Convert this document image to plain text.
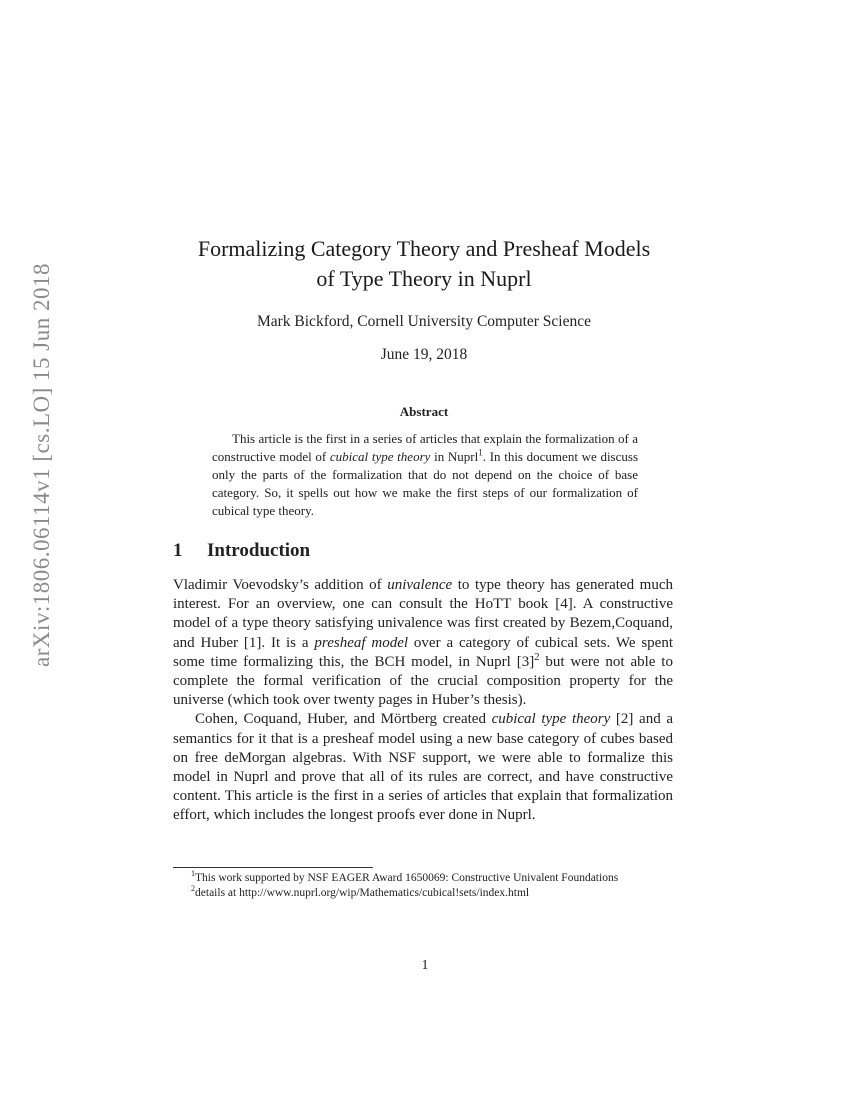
arXiv:1806.06114v1 [cs.LO] 15 Jun 2018
Formalizing Category Theory and Presheaf Models
of Type Theory in Nuprl
Mark Bickford, Cornell University Computer Science
June 19, 2018
Abstract
This article is the first in a series of articles that explain the formalization of a constructive model of cubical type theory in Nuprl$^1$. In this document we discuss only the parts of the formalization that do not depend on the choice of base category. So, it spells out how we make the first steps of our formalization of cubical type theory.
1 Introduction

Vladimir Voevodsky’s addition of univalence to type theory has generated much interest. For an overview, one can consult the HoTT book [4]. A constructive model of a type theory satisfying univalence was first created by Bezem,Coquand, and Huber [1]. It is a presheaf model over a category of cubical sets. We spent some time formalizing this, the BCH model, in Nuprl $[3]^2$ but were not able to complete the formal verification of the crucial composition property for the universe (which took over twenty pages in Huber’s thesis).

Cohen, Coquand, Huber, and Mörtberg created cubical type theory [2] and a semantics for it that is a presheaf model using a new base category of cubes based on free deMorgan algebras. With NSF support, we were able to formalize this model in Nuprl and prove that all of its rules are correct, and have constructive content. This article is the first in a series of articles that explain that formalization effort, which includes the longest proofs ever done in Nuprl.

$^1$This work supported by NSF EAGER Award 1650069: Constructive Univalent Foundations

$^2$details at http://www.nuprl.org/wip/Mathematics/cubical!sets/index.html

1
